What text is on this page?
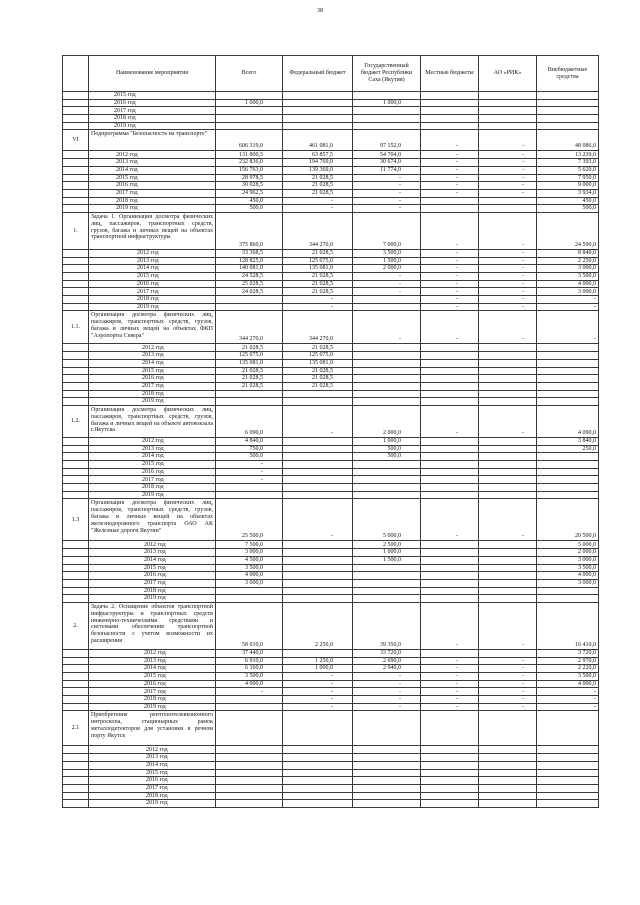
38
	Наименование мероприятия	Всего	Федеральный бюджет	Государственный бюджет Республики Саха (Якутия)	Местные бюджеты	АО «РИК»	Внебюджетные средства
	2015 год						
	2016 год	1 000,0		1 000,0			
	2017 год						
	2018 год						
	2019 год						
VI	Подпрограмма "Безопасность на транспорте"	606 319,0	461 081,0	97 152,0	-	-	48 086,0
	2012 год	131 800,5	63 857,5	54 704,0	-	-	13 239,0
	2013 год	232 836,0	194 769,0	30 674,0	-	-	7 393,0
	2014 год	156 763,0	139 369,0	11 774,0	-	-	5 620,0
	2015 год	28 978,5	21 028,5	-	-	-	7 950,0
	2016 год	30 028,5	21 028,5	-	-	-	9 000,0
	2017 год	24 962,5	21 028,5	-	-	-	3 934,0
	2018 год	450,0	-	-			450,0
	2019 год	500,0	-	-			500,0
1.	Задача 1. Организация досмотра физических лиц, пассажиров, транспортных средств, грузов, багажа и личных вещей на объектах транспортной инфраструктуры	375 860,0	344 270,0	7 000,0	-	-	24 590,0
	2012 год	33 368,5	21 028,5	3 500,0	-	-	8 840,0
	2013 год	128 825,0	125 075,0	1 500,0	-	-	2 250,0
	2014 год	140 081,0	135 081,0	2 000,0	-	-	3 000,0
	2015 год	24 528,5	21 028,5	-	-	-	3 500,0
	2016 год	25 028,5	21 028,5	-	-	-	4 000,0
	2017 год	24 028,5	21 028,5	-	-	-	3 000,0
	2018 год		-		-	-	-
	2019 год		-		-	-	-
1.1.	Организация досмотра физических лиц, пассажиров, транспортных средств, грузов, багажа и личных вещей на объектах ФКП "Аэропорты Севера"	344 270,0	344 270,0	-	-	-	-
	2012 год	21 028,5	21 028,5				
	2013 год	125 075,0	125 075,0				
	2014 год	135 081,0	135 081,0				
	2015 год	21 028,5	21 028,5				
	2016 год	21 028,5	21 028,5				
	2017 год	21 028,5	21 028,5				
	2018 год						
	2019 год						
1.2.	Организация досмотра физических лиц, пассажиров, транспортных средств, грузов, багажа и личных вещей на объекте автовокзала г.Якутска	6 090,0	-	2 000,0	-	-	4 090,0
	2012 год	4 840,0		1 000,0			3 840,0
	2013 год	750,0		500,0			250,0
	2014 год	500,0		500,0			
	2015 год	-					
	2016 год	-					
	2017 год	-					
	2018 год						
	2019 год						
1.3	Организация досмотра физических лиц, пассажиров, транспортных средств, грузов, багажа и личных вещей на объектах железнодорожного транспорта ОАО АК "Железные дороги Якутии"	25 500,0	-	5 000,0	-	-	20 500,0
	2012 год	7 500,0		2 500,0			5 000,0
	2013 год	3 000,0		1 000,0			2 000,0
	2014 год	4 500,0		1 500,0			3 000,0
	2015 год	3 500,0					3 500,0
	2016 год	4 000,0					4 000,0
	2017 год	3 000,0					3 000,0
	2018 год						
	2019 год						
2.	Задача 2. Оснащение объектов транспортной инфраструктуры и транспортных средств инженерно-техническими средствами и системами обеспечения транспортной безопасности с учетом возможности их расширения	58 010,0	2 250,0	39 350,0	-	-	16 410,0
	2012 год	37 440,0		33 720,0			3 720,0
	2013 год	6 910,0	1 250,0	2 690,0	-	-	2 970,0
	2014 год	6 160,0	1 000,0	2 940,0	-	-	2 220,0
	2015 год	3 500,0	-	-	-	-	3 500,0
	2016 год	4 000,0	-	-	-	-	4 000,0
	2017 год	-	-	-	-	-	-
	2018 год		-	-	-	-	-
	2019 год		-	-	-	-	-
2.1	Приобретение рентгенотелевизионного интроскопа, стационарных рамок металлодетекторов для установки в речном порту Якутск						
	2012 год						
	2013 год						
	2014 год						
	2015 год						
	2016 год						
	2017 год						
	2018 год						
	2019 год						
